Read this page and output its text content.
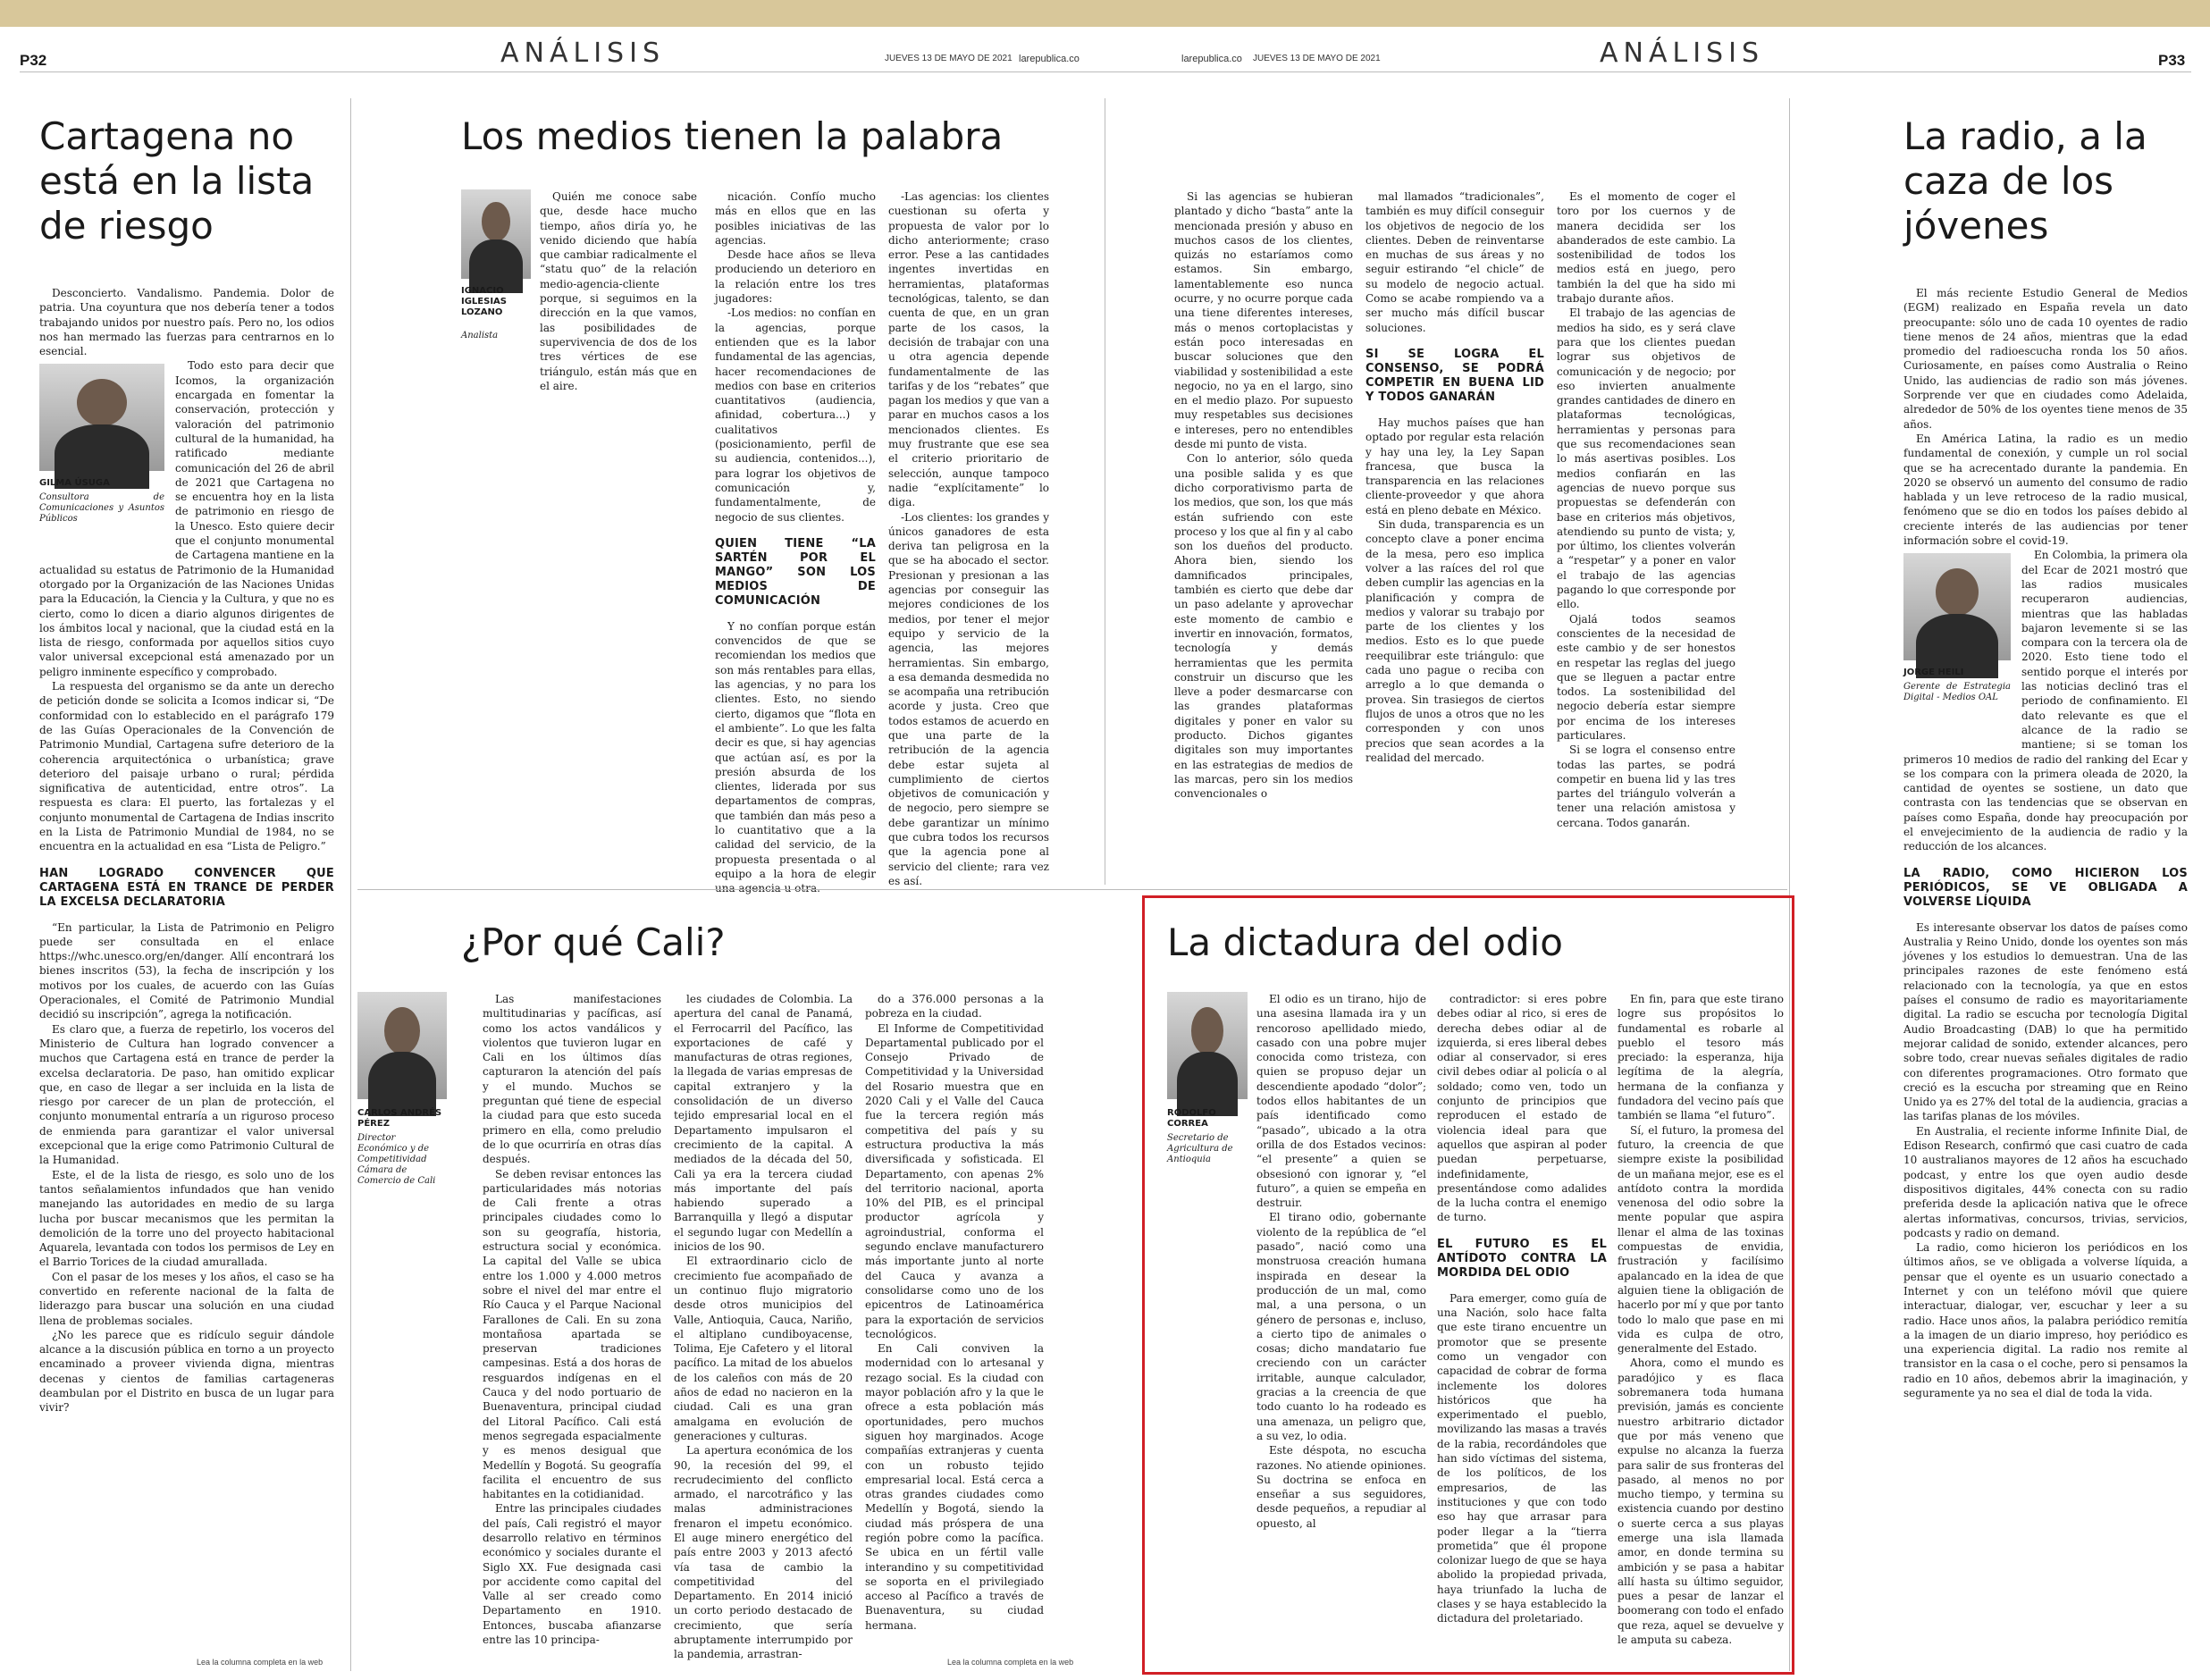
P32	ANÁLISIS	JUEVES 13 DE MAYO DE 2021 larepublica.co	larepublica.co JUEVES 13 DE MAYO DE 2021	ANÁLISIS	P33
Cartagena no está en la lista de riesgo

Desconcierto. Vandalismo. Pandemia. Dolor de patria. Una coyuntura que nos debería tener a todos trabajando unidos por nuestro país. Pero no, los odios nos han mermado las fuerzas para centrarnos en lo esencial.

GILMA ÚSUGA
Consultora de Comunicaciones y Asuntos Públicos

Todo esto para decir que Icomos, la organización encargada en fomentar la conservación, protección y valoración del patrimonio cultural de la humanidad, ha ratificado mediante comunicación del 26 de abril de 2021 que Cartagena no se encuentra hoy en la lista de patrimonio en riesgo de la Unesco. Esto quiere decir que el conjunto monumental de Cartagena mantiene en la actualidad su estatus de Patrimonio de la Humanidad otorgado por la Organización de las Naciones Unidas para la Educación, la Ciencia y la Cultura, y que no es cierto, como lo dicen a diario algunos dirigentes de los ámbitos local y nacional, que la ciudad está en la lista de riesgo, conformada por aquellos sitios cuyo valor universal excepcional está amenazado por un peligro inminente específico y comprobado.

La respuesta del organismo se da ante un derecho de petición donde se solicita a Icomos indicar si, “De conformidad con lo establecido en el parágrafo 179 de las Guías Operacionales de la Convención de Patrimonio Mundial, Cartagena sufre deterioro de la coherencia arquitectónica o urbanística; grave deterioro del paisaje urbano o rural; pérdida significativa de autenticidad, entre otros”. La respuesta es clara: El puerto, las fortalezas y el conjunto monumental de Cartagena de Indias inscrito en la Lista de Patrimonio Mundial de 1984, no se encuentra en la actualidad en esa “Lista de Peligro.”

HAN LOGRADO CONVENCER QUE CARTAGENA ESTÁ EN TRANCE DE PERDER LA EXCELSA DECLARATORIA

“En particular, la Lista de Patrimonio en Peligro puede ser consultada en el enlace https://whc.unesco.org/en/danger. Allí encontrará los bienes inscritos (53), la fecha de inscripción y los motivos por los cuales, de acuerdo con las Guías Operacionales, el Comité de Patrimonio Mundial decidió su inscripción”, agrega la notificación.

Es claro que, a fuerza de repetirlo, los voceros del Ministerio de Cultura han logrado convencer a muchos que Cartagena está en trance de perder la excelsa declaratoria. De paso, han omitido explicar que, en caso de llegar a ser incluida en la lista de riesgo por carecer de un plan de protección, el conjunto monumental entraría a un riguroso proceso de enmienda para garantizar el valor universal excepcional que la erige como Patrimonio Cultural de la Humanidad.

Este, el de la lista de riesgo, es solo uno de los tantos señalamientos infundados que han venido manejando las autoridades en medio de su larga lucha por buscar mecanismos que les permitan la demolición de la torre uno del proyecto habitacional Aquarela, levantada con todos los permisos de Ley en el Barrio Torices de la ciudad amurallada.

Con el pasar de los meses y los años, el caso se ha convertido en referente nacional de la falta de liderazgo para buscar una solución en una ciudad llena de problemas sociales.

¿No les parece que es ridículo seguir dándole alcance a la discusión pública en torno a un proyecto encaminado a proveer vivienda digna, mientras decenas y cientos de familias cartageneras deambulan por el Distrito en busca de un lugar para vivir?

Lea la columna completa en la web
Los medios tienen la palabra
IGNACIO IGLESIAS LOZANO
Analista

Quién me conoce sabe que, desde hace mucho tiempo, años diría yo, he venido diciendo que había que cambiar radicalmente el “statu quo” de la relación medio-agencia-cliente porque, si seguimos en la dirección en la que vamos, las posibilidades de supervivencia de dos de los tres vértices de ese triángulo, están más que en el aire.

nicación. Confío mucho más en ellos que en las posibles iniciativas de las agencias.

Desde hace años se lleva produciendo un deterioro en la relación entre los tres jugadores:

-Los medios: no confían en la agencias, porque entienden que es la labor fundamental de las agencias, hacer recomendaciones de medios con base en criterios cuantitativos (audiencia, afinidad, cobertura...) y cualitativos (posicionamiento, perfil de su audiencia, contenidos...), para lograr los objetivos de comunicación y, fundamentalmente, de negocio de sus clientes.

QUIEN TIENE “LA SARTÉN POR EL MANGO” SON LOS MEDIOS DE COMUNICACIÓN

Y no confían porque están convencidos de que se recomiendan los medios que son más rentables para ellas, las agencias, y no para los clientes. Esto, no siendo cierto, digamos que “flota en el ambiente”. Lo que les falta decir es que, si hay agencias que actúan así, es por la presión absurda de los clientes, liderada por sus departamentos de compras, que también dan más peso a lo cuantitativo que a la calidad del servicio, de la propuesta presentada o al equipo a la hora de elegir

-Las agencias: los clientes cuestionan su oferta y propuesta de valor por lo dicho anteriormente; craso error. Pese a las cantidades ingentes invertidas en herramientas, plataformas tecnológicas, talento, se dan cuenta de que, en un gran parte de los casos, la decisión de trabajar con una u otra agencia depende fundamentalmente de las tarifas y de los “rebates” que pagan los medios y que van a parar en muchos casos a los mencionados clientes. Es muy frustrante que ese sea el criterio prioritario de selección, aunque tampoco nadie “explícitamente” lo diga.

-Los clientes: los grandes y únicos ganadores de esta deriva tan peligrosa en la que se ha abocado el sector. Presionan y presionan a las agencias por conseguir las mejores condiciones de los medios, por tener el mejor equipo y servicio de la agencia, las mejores herramientas. Sin embargo, a esa demanda desmedida no se acompaña una retribución acorde y justa. Creo que todos estamos de acuerdo en que una parte de la retribución de la agencia debe estar sujeta al cumplimiento de ciertos objetivos de comunicación y de negocio, pero siempre se debe garantizar un mínimo que cubra todos los recursos que la agencia pone al servicio del cliente; rara vez es así.

Si las agencias se hubieran plantado y dicho “basta” ante la mencionada presión y abuso en muchos casos de los clientes, quizás no estaríamos como estamos. Sin embargo, lamentablemente eso nunca ocurre, y no ocurre porque cada una tiene diferentes intereses, más o menos cortoplacistas y están poco interesadas en buscar soluciones que den viabilidad y sostenibilidad a este negocio, no ya en el largo, sino en el medio plazo. Por supuesto muy respetables sus decisiones e intereses, pero no entendibles desde mi punto de vista.

Con lo anterior, sólo queda una posible salida y es que dicho corporativismo parta de los medios, que son, los que más están sufriendo con este proceso y los que al fin y al cabo son los dueños del producto. Ahora bien, siendo los damnificados principales, también es cierto que debe dar un paso adelante y aprovechar este momento de cambio e invertir en innovación, formatos, tecnología y demás herramientas que les permita construir un discurso que les lleve a poder desmarcarse con las grandes plataformas digitales y poner en valor su producto. Dichos gigantes digitales son muy importantes en las estrategias de medios de las marcas, pero sin los medios convencionales o

mal llamados “tradicionales”, también es muy difícil conseguir los objetivos de negocio de los clientes. Deben de reinventarse en muchas de sus áreas y no seguir estirando “el chicle” de su modelo de negocio actual. Como se acabe rompiendo va a ser mucho más difícil buscar soluciones.

SI SE LOGRA EL CONSENSO, SE PODRÁ COMPETIR EN BUENA LID Y TODOS GANARÁN

Hay muchos países que han optado por regular esta relación y hay una ley, la Ley Sapan francesa, que busca la transparencia en las relaciones cliente-proveedor y que ahora está en pleno debate en México.

Sin duda, transparencia es un concepto clave a poner encima de la mesa, pero eso implica volver a las raíces del rol que deben cumplir las agencias en la planificación y compra de medios y valorar su trabajo por parte de los clientes y los medios. Esto es lo que puede reequilibrar este triángulo: que cada uno pague o reciba con arreglo a lo que demanda o provea. Sin trasiegos de ciertos flujos de unos a otros que no les corresponden y con unos precios que sean acordes a la realidad del mercado.

Es el momento de coger el toro por los cuernos y de manera decidida ser los abanderados de este cambio. La sostenibilidad de todos los medios está en juego, pero también la del que ha sido mi trabajo durante años.

El trabajo de las agencias de medios ha sido, es y será clave para que los clientes puedan lograr sus objetivos de comunicación y de negocio; por eso invierten anualmente grandes cantidades de dinero en plataformas tecnológicas, herramientas y personas para que sus recomendaciones sean lo más asertivas posibles. Los medios confiarán en las agencias de nuevo porque sus propuestas se defenderán con base en criterios más objetivos, atendiendo su punto de vista; y, por último, los clientes volverán a “respetar” y a poner en valor el trabajo de las agencias pagando lo que corresponde por ello.

Ojalá todos seamos conscientes de la necesidad de este cambio y de ser honestos en respetar las reglas del juego que se lleguen a pactar entre todos. La sostenibilidad del negocio debería estar siempre por encima de los intereses particulares.

Si se logra el consenso entre todas las partes, se podrá competir en buena lid y las tres partes del triángulo volverán a tener una relación amistosa y cercana. Todos ganarán.

¿Por qué Cali?
CARLOS ANDRÉS PÉREZ
Director Económico y de Competitividad Cámara de Comercio de Cali

Las manifestaciones multitudinarias y pacíficas, así como los actos vandálicos y violentos que tuvieron lugar en Cali en los últimos días capturaron la atención del país y el mundo. Muchos se preguntan qué tiene de especial la ciudad para que esto suceda primero en ella, como preludio de lo que ocurriría en otras días después.

Se deben revisar entonces las particularidades más notorias de Cali frente a otras principales ciudades como lo son su geografía, historia, estructura social y económica. La capital del Valle se ubica entre los 1.000 y 4.000 metros sobre el nivel del mar entre el Río Cauca y el Parque Nacional Farallones de Cali. En su zona montañosa apartada se preservan tradiciones campesinas. Está a dos horas de resguardos indígenas en el Cauca y del nodo portuario de Buenaventura, principal ciudad del Litoral Pacífico. Cali está menos segregada espacialmente y es menos desigual que Medellín y Bogotá. Su geografía facilita el encuentro de sus habitantes en la cotidianidad.

Entre las principales ciudades del país, Cali registró el mayor desarrollo relativo en términos económico y sociales durante el Siglo XX. Fue designada casi por accidente como capital del Valle al ser creado como Departamento en 1910. Entonces, buscaba afianzarse entre las 10 principa-

les ciudades de Colombia. La apertura del canal de Panamá, el Ferrocarril del Pacífico, las exportaciones de café y manufacturas de otras regiones, la llegada de varias empresas de capital extranjero y la consolidación de un diverso tejido empresarial local en el Departamento impulsaron el crecimiento de la capital. A mediados de la década del 50, Cali ya era la tercera ciudad más importante del país habiendo superado a Barranquilla y llegó a disputar el segundo lugar con Medellín a inicios de los 90.

El extraordinario ciclo de crecimiento fue acompañado de un continuo flujo migratorio desde otros municipios del Valle, Antioquia, Cauca, Nariño, el altiplano cundiboyacense, Tolima, Eje Cafetero y el litoral pacífico. La mitad de los abuelos de los caleños con más de 20 años de edad no nacieron en la ciudad. Cali es una gran amalgama en evolución de generaciones y culturas.

La apertura económica de los 90, la recesión del 99, el recrudecimiento del conflicto armado, el narcotráfico y las malas administraciones frenaron el impetu económico. El auge minero energético del país entre 2003 y 2013 afectó vía tasa de cambio la competitividad del Departamento. En 2014 inició un corto periodo destacado de crecimiento, que sería abruptamente interrumpido por la pandemia, arrastran-

do a 376.000 personas a la pobreza en la ciudad.

El Informe de Competitividad Departamental publicado por el Consejo Privado de Competitividad y la Universidad del Rosario muestra que en 2020 Cali y el Valle del Cauca fue la tercera región más competitiva del país y su estructura productiva la más diversificada y sofisticada. El Departamento, con apenas 2% del territorio nacional, aporta 10% del PIB, es el principal productor agrícola y agroindustrial, conforma el segundo enclave manufacturero más importante junto al norte del Cauca y avanza a consolidarse como uno de los epicentros de Latinoamérica para la exportación de servicios tecnológicos.

En Cali conviven la modernidad con lo artesanal y rezago social. Es la ciudad con mayor población afro y la que le ofrece a esta población más oportunidades, pero muchos siguen hoy marginados. Acoge compañías extranjeras y cuenta con un robusto tejido empresarial local. Está cerca a otras grandes ciudades como Medellín y Bogotá, siendo la ciudad más próspera de una región pobre como la pacífica. Se ubica en un fértil valle interandino y su competitividad se soporta en el privilegiado acceso al Pacífico a través de Buenaventura, su ciudad hermana.

Lea la columna completa en la web
La dictadura del odio
RODOLFO CORREA
Secretario de Agricultura de Antioquia

El odio es un tirano, hijo de una asesina llamada ira y un rencoroso apellidado miedo, casado con una pobre mujer conocida como tristeza, con quien se propuso dejar un descendiente apodado “dolor”; todos ellos habitantes de un país identificado como “pasado”, ubicado a la otra orilla de dos Estados vecinos: “el presente” a quien se obsesionó con ignorar y, “el futuro”, a quien se empeña en destruir.

El tirano odio, gobernante violento de la república de “el pasado”, nació como una monstruosa creación humana inspirada en desear la producción de un mal, como mal, a una persona, o un género de personas e, incluso, a cierto tipo de animales o cosas; dicho mandatario fue creciendo con un carácter irritable, aunque calculador, gracias a la creencia de que todo cuanto lo ha rodeado es una amenaza, un peligro que, a su vez, lo odia.

Este déspota, no escucha razones. No atiende opiniones. Su doctrina se enfoca en enseñar a sus seguidores, desde pequeños, a repudiar al opuesto, al

contradictor: si eres pobre debes odiar al rico, si eres de derecha debes odiar al de izquierda, si eres liberal debes odiar al conservador, si eres civil debes odiar al policía o al soldado; como ven, todo un conjunto de principios que reproducen el estado de violencia ideal para que aquellos que aspiran al poder puedan perpetuarse, indefinidamente, presentándose como adalides de la lucha contra el enemigo de turno.

EL FUTURO ES EL ANTÍDOTO CONTRA LA MORDIDA DEL ODIO

Para emerger, como guía de una Nación, solo hace falta que este tirano encuentre un promotor que se presente como un vengador con capacidad de cobrar de forma inclemente los dolores históricos que ha experimentado el pueblo, movilizando las masas a través de la rabia, recordándoles que han sido víctimas del sistema, de los políticos, de los empresarios, de las instituciones y que con todo eso hay que arrasar para poder llegar a la “tierra prometida” que él propone colonizar luego de que se haya abolido la propiedad privada, haya triunfado la lucha de clases y se haya establecido la dictadura del proletariado.

En fin, para que este tirano logre sus propósitos lo fundamental es robarle al pueblo el tesoro más preciado: la esperanza, hija legítima de la alegría, hermana de la confianza y fundadora del vecino país que también se llama “el futuro”.

Sí, el futuro, la promesa del futuro, la creencia de que siempre existe la posibilidad de un mañana mejor, ese es el antídoto contra la mordida venenosa del odio sobre la mente popular que aspira llenar el alma de las toxinas compuestas de envidia, frustración y facilísimo apalancado en la idea de que alguien tiene la obligación de hacerlo por mí y que por tanto todo lo malo que pase en mi vida es culpa de otro, generalmente del Estado.

Ahora, como el mundo es paradójico y es flaca sobremanera toda humana previsión, jamás es conciente nuestro arbitrario dictador que por más veneno que expulse no alcanza la fuerza para salir de sus fronteras del pasado, al menos no por mucho tiempo, y termina su existencia cuando por destino o suerte cerca a sus playas emerge una isla llamada amor, en donde termina su ambición y se pasa a habitar allí hasta su último seguidor, pues a pesar de lanzar el boomerang con todo el enfado que reza, aquel se devuelve y le amputa su cabeza.

La radio, a la caza de los jóvenes

El más reciente Estudio General de Medios (EGM) realizado en España revela un dato preocupante: sólo uno de cada 10 oyentes de radio tiene menos de 24 años, mientras que la edad promedio del radioescucha ronda los 50 años. Curiosamente, en países como Australia o Reino Unido, las audiencias de radio son más jóvenes. Sorprende ver que en ciudades como Adelaida, alrededor de 50% de los oyentes tiene menos de 35 años.

En América Latina, la radio es un medio fundamental de conexión, y cumple un rol social que se ha acrecentado durante la pandemia. En 2020 se observó un aumento del consumo de radio hablada y un leve retroceso de la radio musical, fenómeno que se dio en todos los países debido al creciente interés de las audiencias por tener información sobre el covid-19.

JORGE HEILI
Gerente de Estrategia Digital - Medios OAL

En Colombia, la primera ola del Ecar de 2021 mostró que las radios musicales recuperaron audiencias, mientras que las habladas bajaron levemente si se las compara con la tercera ola de 2020. Esto tiene todo el sentido porque el interés por las noticias declinó tras el periodo de confinamiento. El dato relevante es que el alcance de la radio se mantiene; si se toman los primeros 10 medios de radio del ranking del Ecar y se los compara con la primera oleada de 2020, la cantidad de oyentes se sostiene, un dato que contrasta con las tendencias que se observan en países como España, donde hay preocupación por el envejecimiento de la audiencia de radio y la reducción de los alcances.

LA RADIO, COMO HICIERON LOS PERIÓDICOS, SE VE OBLIGADA A VOLVERSE LÍQUIDA

Es interesante observar los datos de países como Australia y Reino Unido, donde los oyentes son más jóvenes y los estudios lo demuestran. Una de las principales razones de este fenómeno está relacionado con la tecnología, ya que en estos países el consumo de radio es mayoritariamente digital. La radio se escucha por tecnología Digital Audio Broadcasting (DAB) lo que ha permitido mejorar calidad de sonido, extender alcances, pero sobre todo, crear nuevas señales digitales de radio con diferentes programaciones. Otro formato que creció es la escucha por streaming que en Reino Unido ya es 27% del total de la audiencia, gracias a las tarifas planas de los móviles.

En Australia, el reciente informe Infinite Dial, de Edison Research, confirmó que casi cuatro de cada 10 australianos mayores de 12 años ha escuchado podcast, y entre los que oyen audio desde dispositivos digitales, 44% conecta con su radio preferida desde la aplicación nativa que le ofrece alertas informativas, concursos, trivias, servicios, podcasts y radio on demand.

La radio, como hicieron los periódicos en los últimos años, se ve obligada a volverse líquida, a pensar que el oyente es un usuario conectado a Internet y con un teléfono móvil que quiere interactuar, dialogar, ver, escuchar y leer a su radio. Hace unos años, la palabra periódico remitía a la imagen de un diario impreso, hoy periódico es una experiencia digital. La radio nos remite al transistor en la casa o el coche, pero si pensamos la radio en 10 años, debemos abrir la imaginación, y seguramente ya no sea el dial de toda la vida.
